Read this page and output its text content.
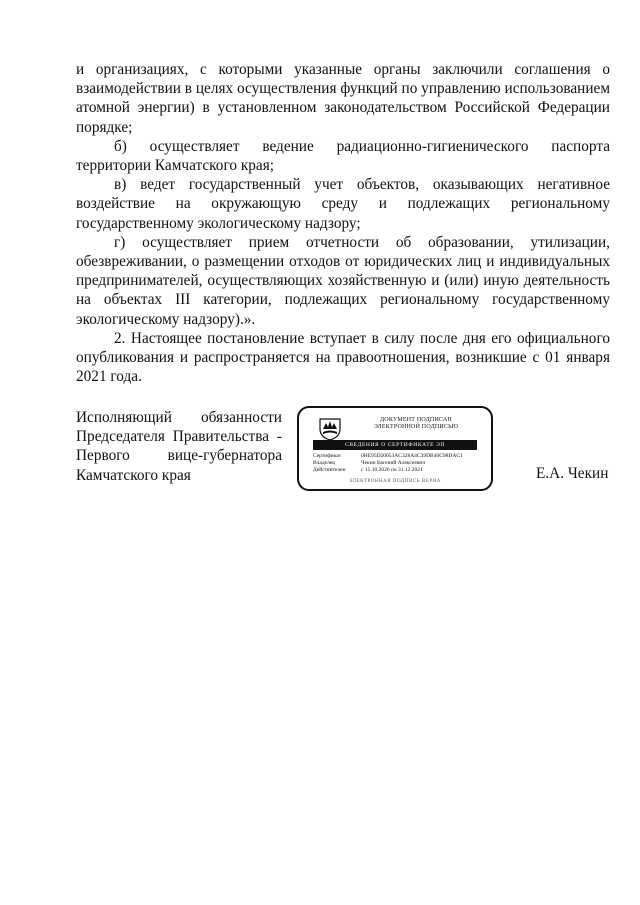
и организациях, с которыми указанные органы заключили соглашения о взаимодействии в целях осуществления функций по управлению использованием атомной энергии) в установленном законодательством Российской Федерации порядке;

б) осуществляет ведение радиационно-гигиенического паспорта территории Камчатского края;

в) ведет государственный учет объектов, оказывающих негативное воздействие на окружающую среду и подлежащих региональному государственному экологическому надзору;

г) осуществляет прием отчетности об образовании, утилизации, обезвреживании, о размещении отходов от юридических лиц и индивидуальных предпринимателей, осуществляющих хозяйственную и (или) иную деятельность на объектах III категории, подлежащих региональному государственному экологическому надзору).».

2. Настоящее постановление вступает в силу после дня его официального опубликования и распространяется на правоотношения, возникшие с 01 января 2021 года.

Исполняющий обязанности
Председателя Правительства -
Первого вице-губернатора
Камчатского края
ДОКУМЕНТ ПОДПИСАН
ЭЛЕКТРОННОЙ ПОДПИСЬЮ
СВЕДЕНИЯ О СЕРТИФИКАТЕ ЭП
Сертификат	0HE95D20053AC328A4C39DB40C98DAC1
Владелец	Чекин Евгений Алексеевич
Действителен	с 15.10.2020 по 31.12.2021
ЭЛЕКТРОННАЯ ПОДПИСЬ ВЕРНА	Е.А. Чекин
